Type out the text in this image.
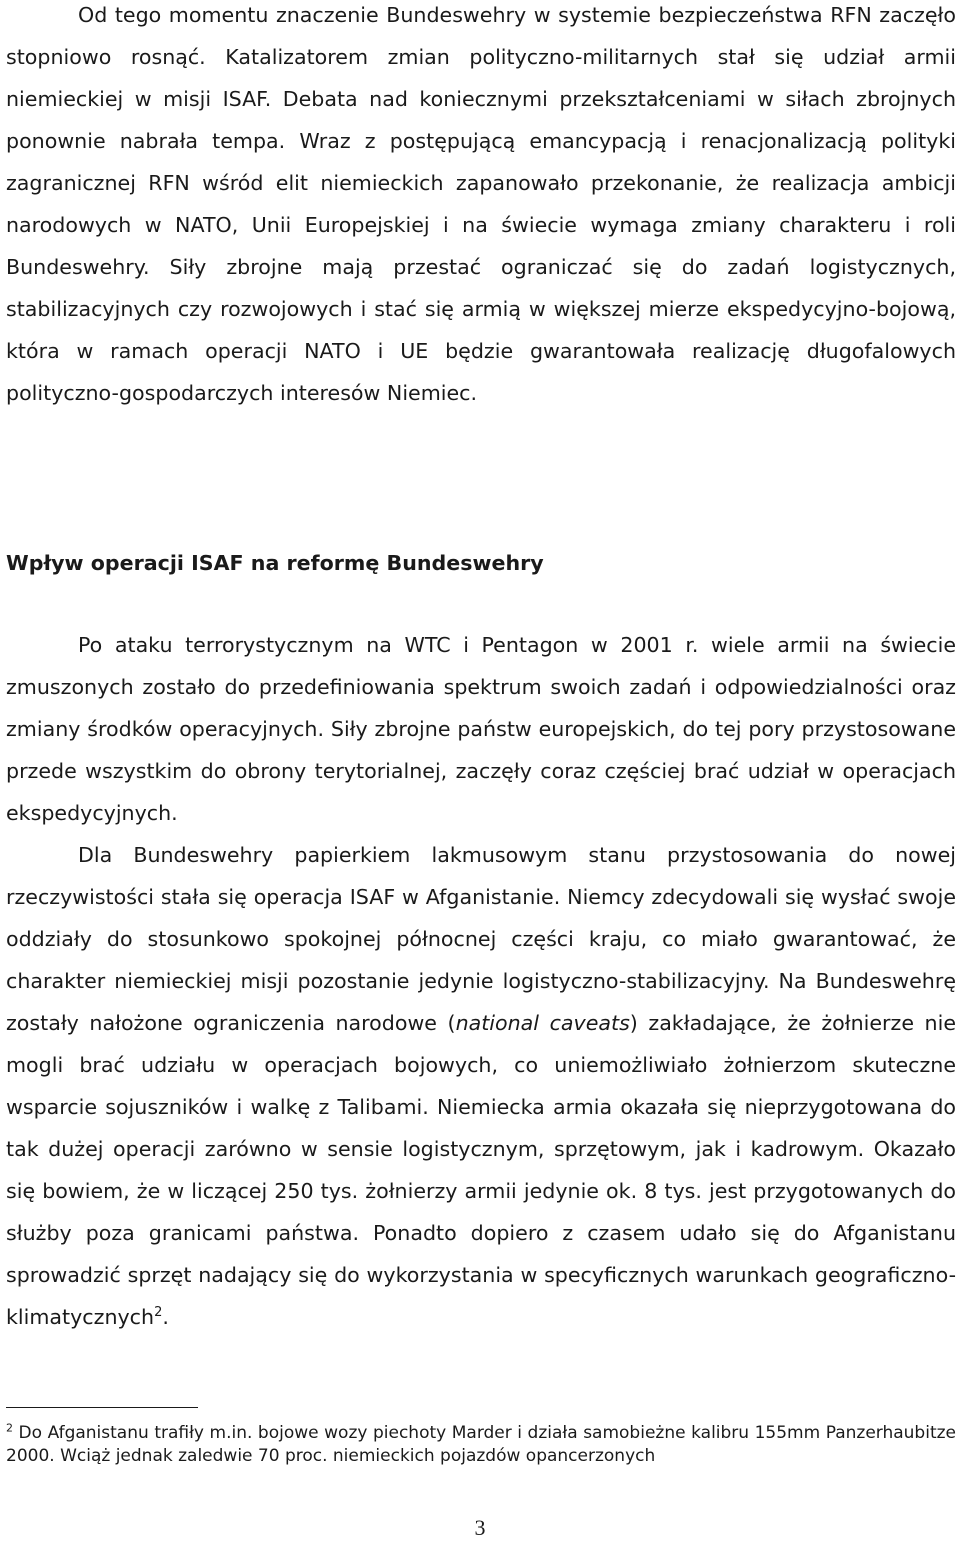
Od tego momentu znaczenie Bundeswehry w systemie bezpieczeństwa RFN zaczęło stopniowo rosnąć. Katalizatorem zmian polityczno-militarnych stał się udział armii niemieckiej w misji ISAF. Debata nad koniecznymi przekształceniami w siłach zbrojnych ponownie nabrała tempa. Wraz z postępującą emancypacją i renacjonalizacją polityki zagranicznej RFN wśród elit niemieckich zapanowało przekonanie, że realizacja ambicji narodowych w NATO, Unii Europejskiej i na świecie wymaga zmiany charakteru i roli Bundeswehry. Siły zbrojne mają przestać ograniczać się do zadań logistycznych, stabilizacyjnych czy rozwojowych i stać się armią w większej mierze ekspedycyjno-bojową, która w ramach operacji NATO i UE będzie gwarantowała realizację długofalowych polityczno-gospodarczych interesów Niemiec.

Wpływ operacji ISAF na reformę Bundeswehry

Po ataku terrorystycznym na WTC i Pentagon w 2001 r. wiele armii na świecie zmuszonych zostało do przedefiniowania spektrum swoich zadań i odpowiedzialności oraz zmiany środków operacyjnych. Siły zbrojne państw europejskich, do tej pory przystosowane przede wszystkim do obrony terytorialnej, zaczęły coraz częściej brać udział w operacjach ekspedycyjnych.

Dla Bundeswehry papierkiem lakmusowym stanu przystosowania do nowej rzeczywistości stała się operacja ISAF w Afganistanie. Niemcy zdecydowali się wysłać swoje oddziały do stosunkowo spokojnej północnej części kraju, co miało gwarantować, że charakter niemieckiej misji pozostanie jedynie logistyczno-stabilizacyjny. Na Bundeswehrę zostały nałożone ograniczenia narodowe (national caveats) zakładające, że żołnierze nie mogli brać udziału w operacjach bojowych, co uniemożliwiało żołnierzom skuteczne wsparcie sojuszników i walkę z Talibami. Niemiecka armia okazała się nieprzygotowana do tak dużej operacji zarówno w sensie logistycznym, sprzętowym, jak i kadrowym. Okazało się bowiem, że w liczącej 250 tys. żołnierzy armii jedynie ok. 8 tys. jest przygotowanych do służby poza granicami państwa. Ponadto dopiero z czasem udało się do Afganistanu sprowadzić sprzęt nadający się do wykorzystania w specyficznych warunkach geograficzno-klimatycznych$^2$.

$^2$ Do Afganistanu trafiły m.in. bojowe wozy piechoty Marder i działa samobieżne kalibru 155mm Panzerhaubitze 2000. Wciąż jednak zaledwie 70 proc. niemieckich pojazdów opancerzonych

3
